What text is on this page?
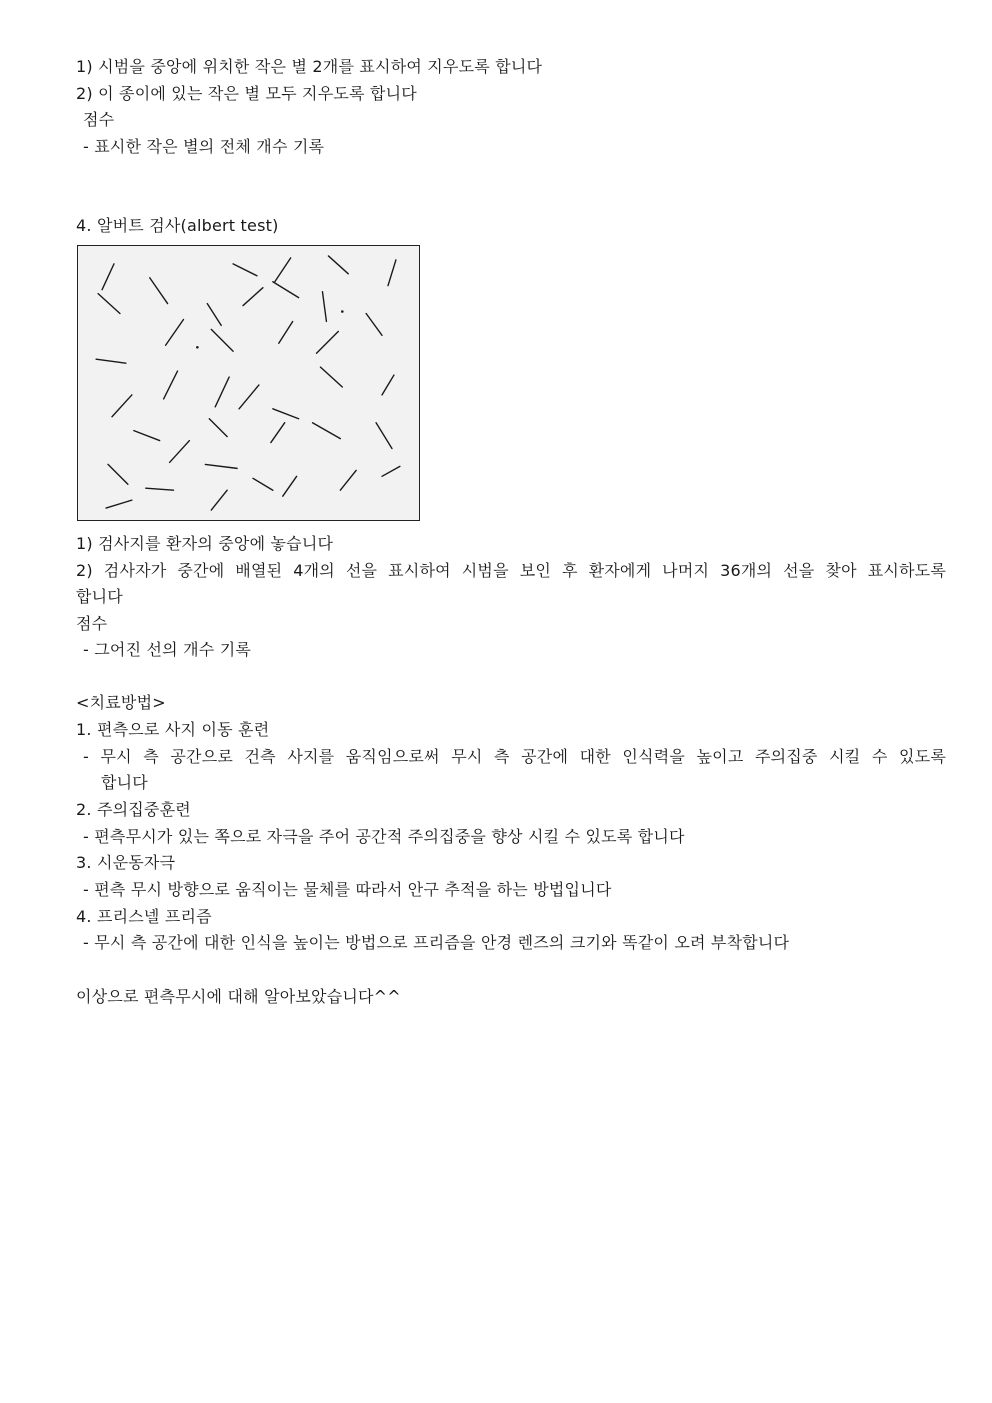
1) 시범을 중앙에 위치한 작은 별 2개를 표시하여 지우도록 합니다
2) 이 종이에 있는 작은 별 모두 지우도록 합니다
점수
- 표시한 작은 별의 전체 개수 기록
4. 알버트 검사(albert test)
1) 검사지를 환자의 중앙에 놓습니다
2) 검사자가 중간에 배열된 4개의 선을 표시하여 시범을 보인 후 환자에게 나머지 36개의 선을 찾아 표시하도록
합니다
점수
- 그어진 선의 개수 기록
<치료방법>
1. 편측으로 사지 이동 훈련
- 무시 측 공간으로 건측 사지를 움직임으로써 무시 측 공간에 대한 인식력을 높이고 주의집중 시킬 수 있도록
합니다
2. 주의집중훈련
- 편측무시가 있는 쪽으로 자극을 주어 공간적 주의집중을 향상 시킬 수 있도록 합니다
3. 시운동자극
- 편측 무시 방향으로 움직이는 물체를 따라서 안구 추적을 하는 방법입니다
4. 프리스넬 프리즘
- 무시 측 공간에 대한 인식을 높이는 방법으로 프리즘을 안경 렌즈의 크기와 똑같이 오려 부착합니다
이상으로 편측무시에 대해 알아보았습니다^^
